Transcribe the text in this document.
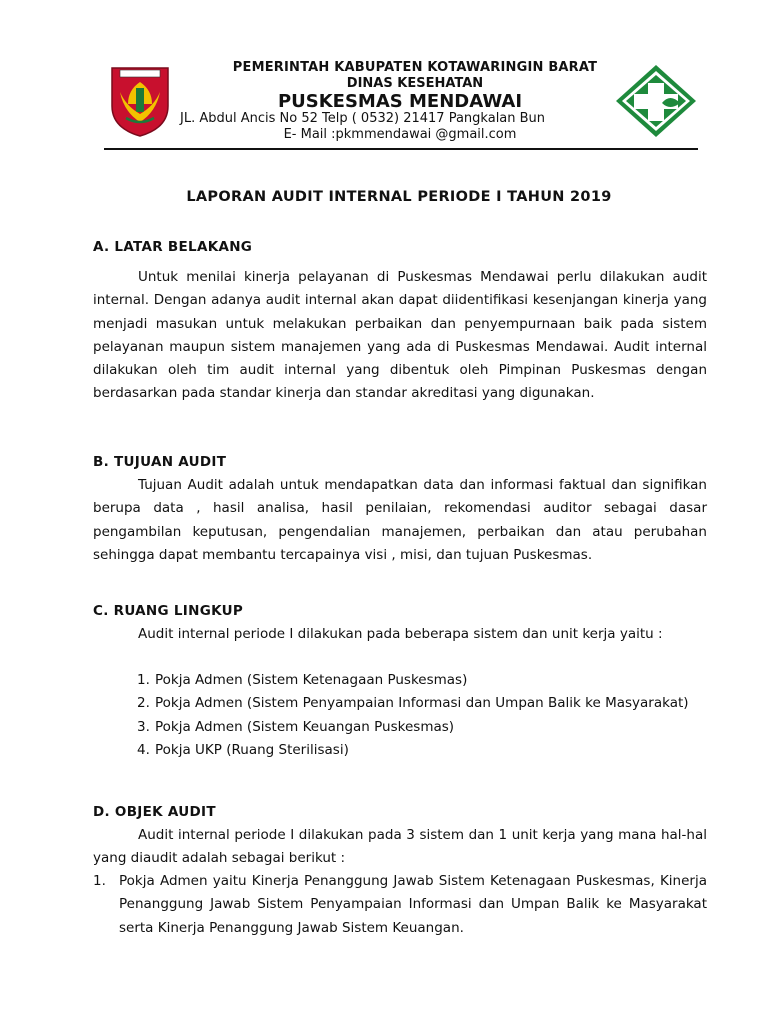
PEMERINTAH KABUPATEN KOTAWARINGIN BARAT
DINAS KESEHATAN
PUSKESMAS MENDAWAI
JL. Abdul Ancis No 52 Telp ( 0532) 21417 Pangkalan Bun
E- Mail :pkmmendawai @gmail.com
LAPORAN AUDIT INTERNAL PERIODE I TAHUN 2019
A. LATAR BELAKANG
Untuk menilai kinerja pelayanan di Puskesmas Mendawai perlu dilakukan audit internal. Dengan adanya audit internal akan dapat diidentifikasi kesenjangan kinerja yang menjadi masukan untuk melakukan perbaikan dan penyempurnaan baik pada sistem pelayanan maupun sistem manajemen yang ada di Puskesmas Mendawai. Audit internal dilakukan oleh tim audit internal yang dibentuk oleh Pimpinan Puskesmas dengan berdasarkan pada standar kinerja dan standar akreditasi yang digunakan.
B. TUJUAN AUDIT
Tujuan Audit adalah untuk mendapatkan data dan informasi faktual dan signifikan berupa data , hasil analisa, hasil penilaian, rekomendasi auditor sebagai dasar pengambilan keputusan, pengendalian manajemen, perbaikan dan atau perubahan sehingga dapat membantu tercapainya visi , misi, dan tujuan Puskesmas.
C. RUANG LINGKUP
Audit internal periode I dilakukan pada beberapa sistem dan unit kerja yaitu :
1. Pokja Admen (Sistem Ketenagaan Puskesmas)
2. Pokja Admen (Sistem Penyampaian Informasi dan Umpan Balik ke Masyarakat)
3. Pokja Admen (Sistem Keuangan Puskesmas)
4. Pokja UKP (Ruang Sterilisasi)
D. OBJEK AUDIT
Audit internal periode I dilakukan pada 3 sistem dan 1 unit kerja yang mana hal-hal yang diaudit adalah sebagai berikut :
1. Pokja Admen yaitu Kinerja Penanggung Jawab Sistem Ketenagaan Puskesmas, Kinerja Penanggung Jawab Sistem Penyampaian Informasi dan Umpan Balik ke Masyarakat serta Kinerja Penanggung Jawab Sistem Keuangan.
